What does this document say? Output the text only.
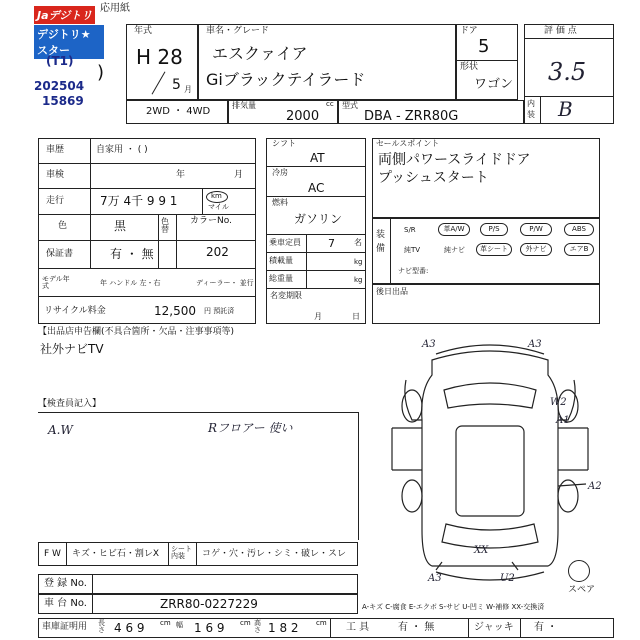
Jaデジトリ デジトリ★スター
応用紙
(T1)
202504
15869
)
年式
H 28
5 月
車名・グレード
エスクァイア
Giブラックテイラード
ドア
5
形状
ワゴン
評 価 点
3.5
内
装 B
2WD ・ 4WD
排気量	cc
2000
型式
DBA - ZRR80G
車歴	自家用 ・ ( )
車検	年	月
走行	7万 4千 9 9 1	km
マイル
色	黒	色替
カラーNo.
202
保証書	有 ・ 無
モデル年式	年 ハンドル 左・右	ディーラー・ 並行
リサイクル料金	12,500 円 預託済
シフト
AT
冷房
AC
燃料
ガソリン
乗車定員 7 名
積載量	kg
総重量	kg
名変期限
月	日
セールスポイント
両側パワースライドドア
プッシュスタート
装備
S/R	革A/W	P/S	P/W	ABS
純TV	純ナビ	革シート	外ナビ	エアB
ナビ型番:
後日出品
【出品店申告欄(不具合箇所・欠品・注事事項等)
社外ナビTV
【検査員記入】
A.W	Rフロアー 使い
A3	A3
W2
A1
A2
A3	U2
XX
スペア
F W キズ・ヒビ石・割レX シート内装	コゲ・穴・汚レ・シミ・破レ・スレ
登 録 No.
車 台 No.	ZRR80-0227229	A-キズ C-腐食 E-エクボ S-サビ U-凹ミ W-補修 XX-交換済
車庫証明用 長さ 4 6 9 cm 幅 1 6 9 cm 高さ 1 8 2 cm 工 具	有 ・ 無	ジャッキ 有 ・
